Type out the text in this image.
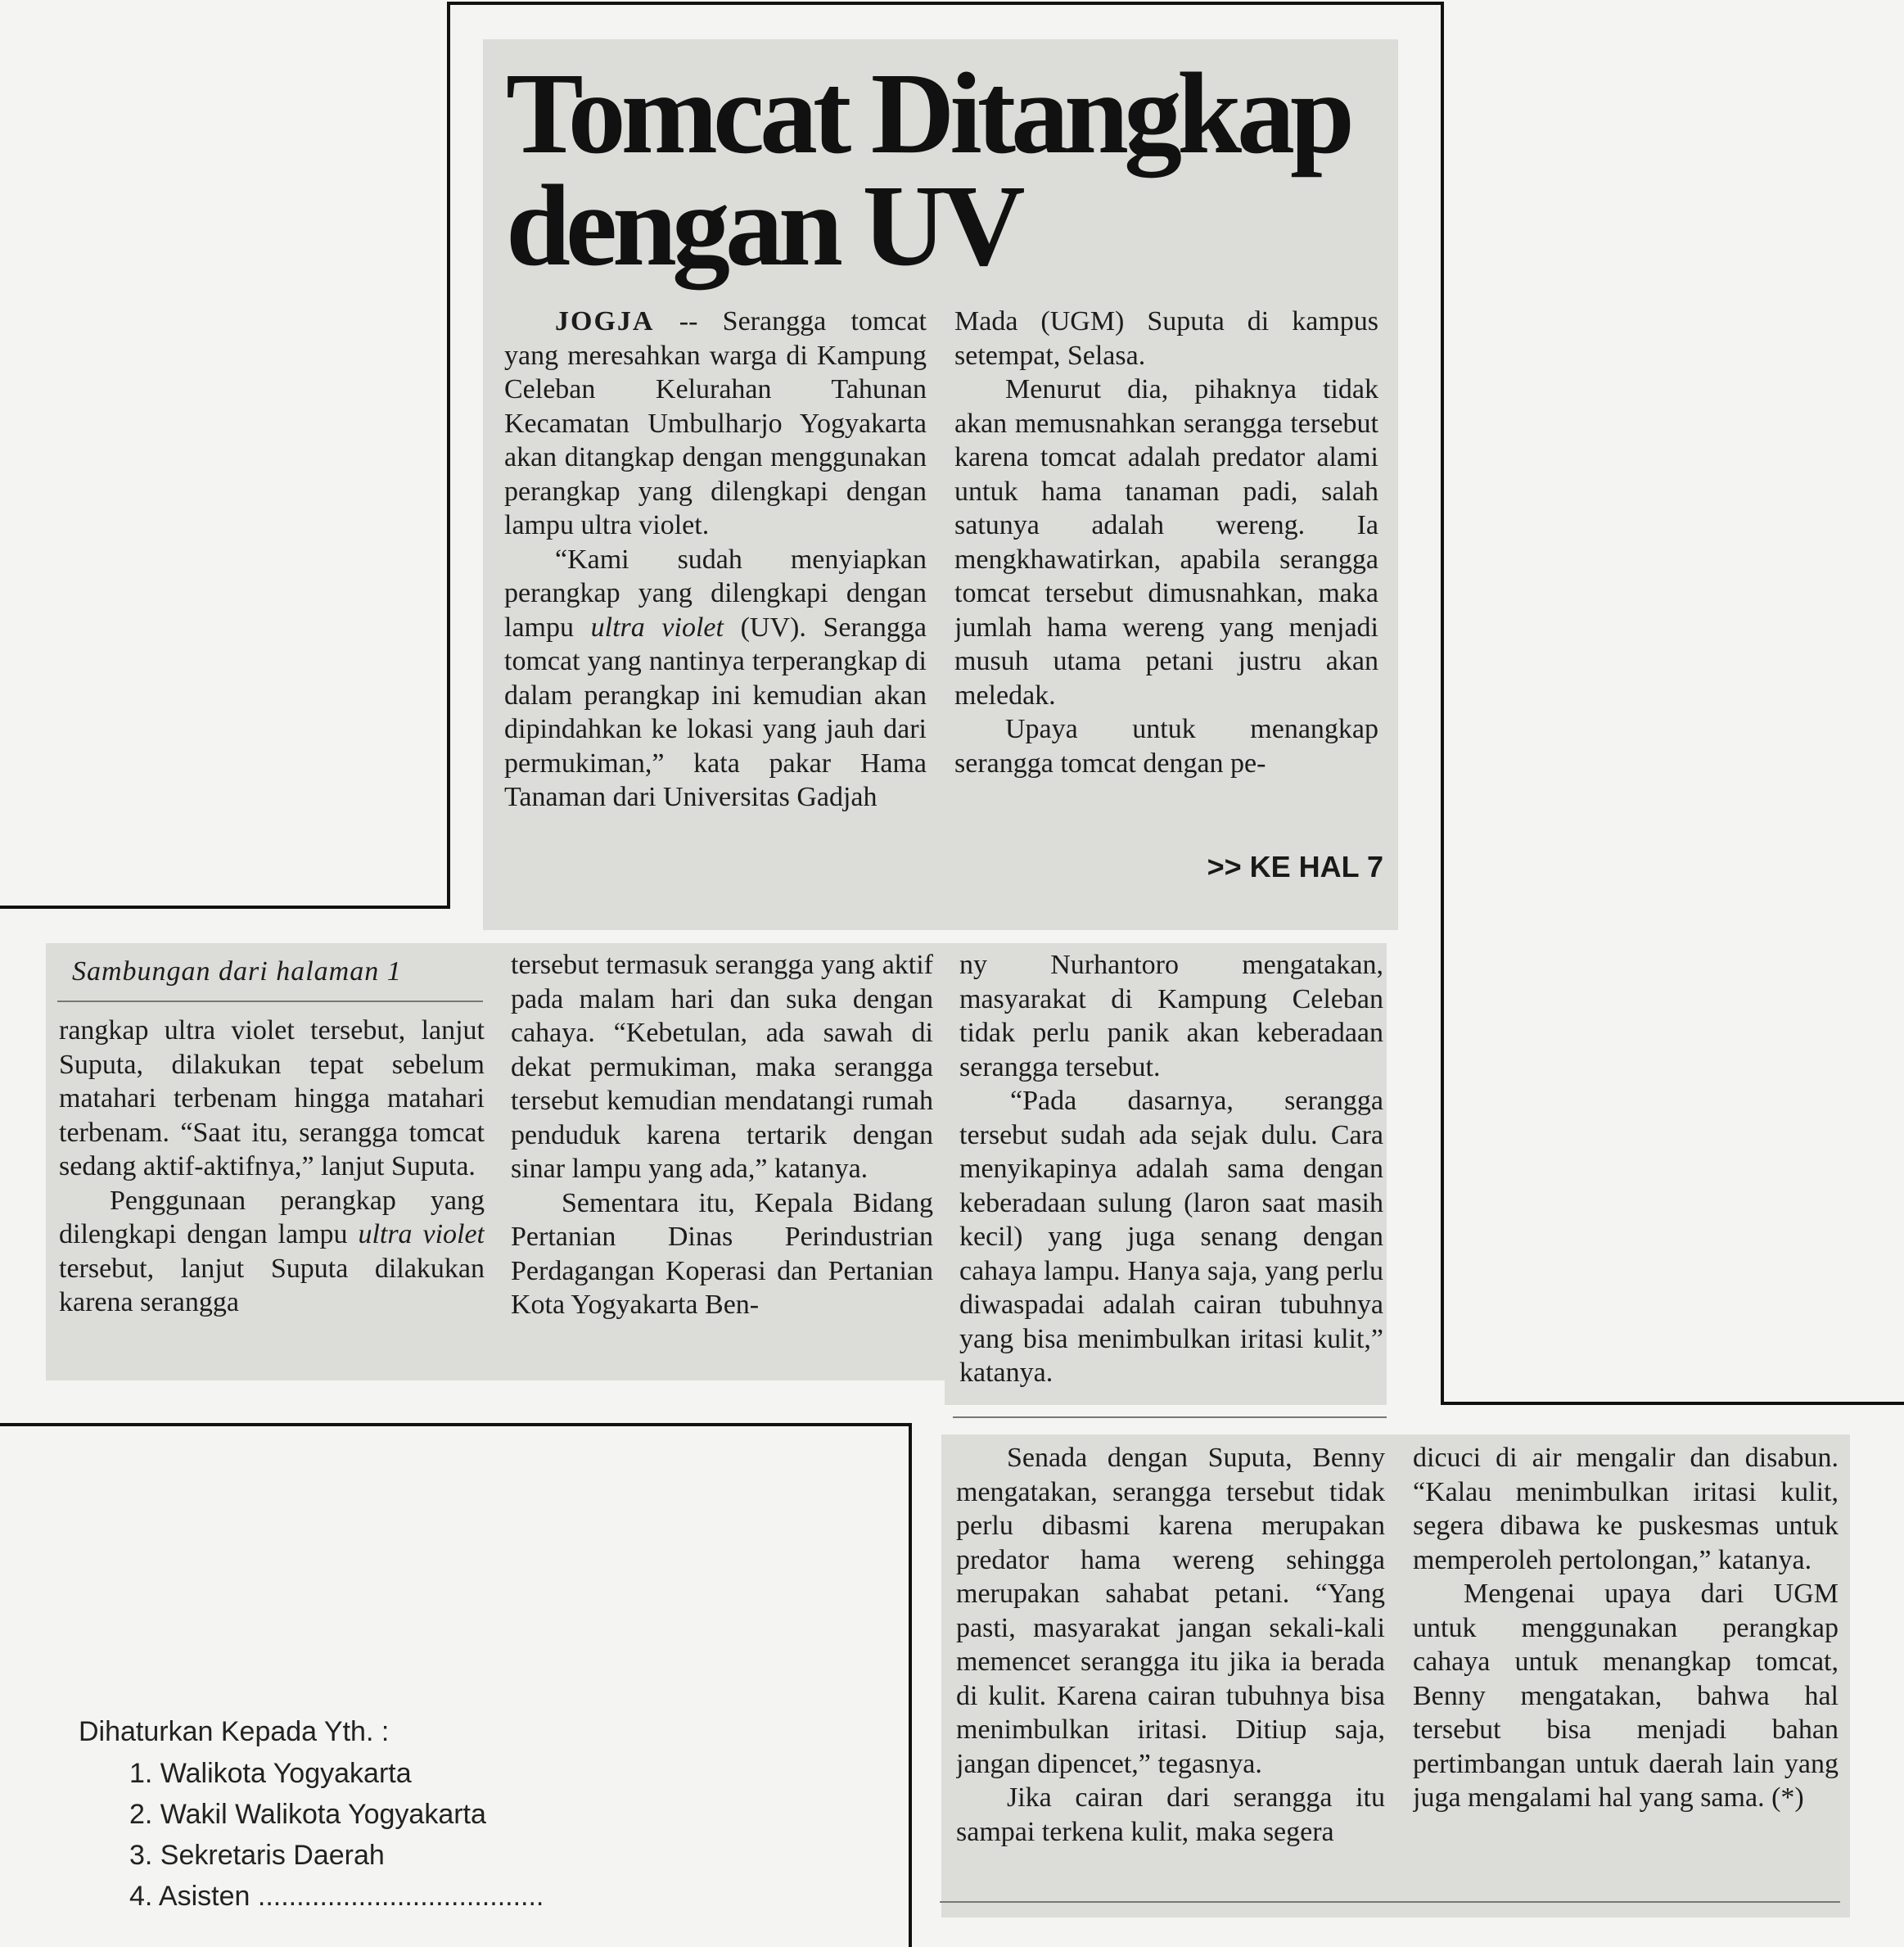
Tomcat Ditangkap
dengan UV

JOGJA -- Serangga tomcat yang meresahkan warga di Kampung Celeban Kelurahan Tahunan Kecamatan Umbulharjo Yogyakarta akan ditangkap dengan menggunakan perangkap yang dilengkapi dengan lampu ultra violet.

“Kami sudah menyiapkan perangkap yang dilengkapi dengan lampu ultra violet (UV). Serangga tomcat yang nantinya terperangkap di dalam perangkap ini kemudian akan dipindahkan ke lokasi yang jauh dari permukiman,” kata pakar Hama Tanaman dari Universitas Gadjah

Mada (UGM) Suputa di kampus setempat, Selasa.

Menurut dia, pihaknya tidak akan memusnahkan serangga tersebut karena tomcat adalah predator alami untuk hama tanaman padi, salah satunya adalah wereng. Ia mengkhawatirkan, apabila serangga tomcat tersebut dimusnahkan, maka jumlah hama wereng yang menjadi musuh utama petani justru akan meledak.

Upaya untuk menangkap serangga tomcat dengan pe-

>> KE HAL 7
Sambungan dari halaman 1

rangkap ultra violet tersebut, lanjut Suputa, dilakukan tepat sebelum matahari terbenam hingga matahari terbenam. “Saat itu, serangga tomcat sedang aktif-aktifnya,” lanjut Suputa.

Penggunaan perangkap yang dilengkapi dengan lampu ultra violet tersebut, lanjut Suputa dilakukan karena serangga

tersebut termasuk serangga yang aktif pada malam hari dan suka dengan cahaya. “Kebetulan, ada sawah di dekat permukiman, maka serangga tersebut kemudian mendatangi rumah penduduk karena tertarik dengan sinar lampu yang ada,” katanya.

Sementara itu, Kepala Bidang Pertanian Dinas Perindustrian Perdagangan Koperasi dan Pertanian Kota Yogyakarta Ben-

ny Nurhantoro mengatakan, masyarakat di Kampung Celeban tidak perlu panik akan keberadaan serangga tersebut.

“Pada dasarnya, serangga tersebut sudah ada sejak dulu. Cara menyikapinya adalah sama dengan keberadaan sulung (laron saat masih kecil) yang juga senang dengan cahaya lampu. Hanya saja, yang perlu diwaspadai adalah cairan tubuhnya yang bisa menimbulkan iritasi kulit,” katanya.

Senada dengan Suputa, Benny mengatakan, serangga tersebut tidak perlu dibasmi karena merupakan predator hama wereng sehingga merupakan sahabat petani. “Yang pasti, masyarakat jangan sekali-kali memencet serangga itu jika ia berada di kulit. Karena cairan tubuhnya bisa menimbulkan iritasi. Ditiup saja, jangan dipencet,” tegasnya.

Jika cairan dari serangga itu sampai terkena kulit, maka segera

dicuci di air mengalir dan disabun. “Kalau menimbulkan iritasi kulit, segera dibawa ke puskesmas untuk memperoleh pertolongan,” katanya.

Mengenai upaya dari UGM untuk menggunakan perangkap cahaya untuk menangkap tomcat, Benny mengatakan, bahwa hal tersebut bisa menjadi bahan pertimbangan untuk daerah lain yang juga mengalami hal yang sama. (*)

Dihaturkan Kepada Yth. :
1. Walikota Yogyakarta
2. Wakil Walikota Yogyakarta
3. Sekretaris Daerah
4. Asisten .....................................
